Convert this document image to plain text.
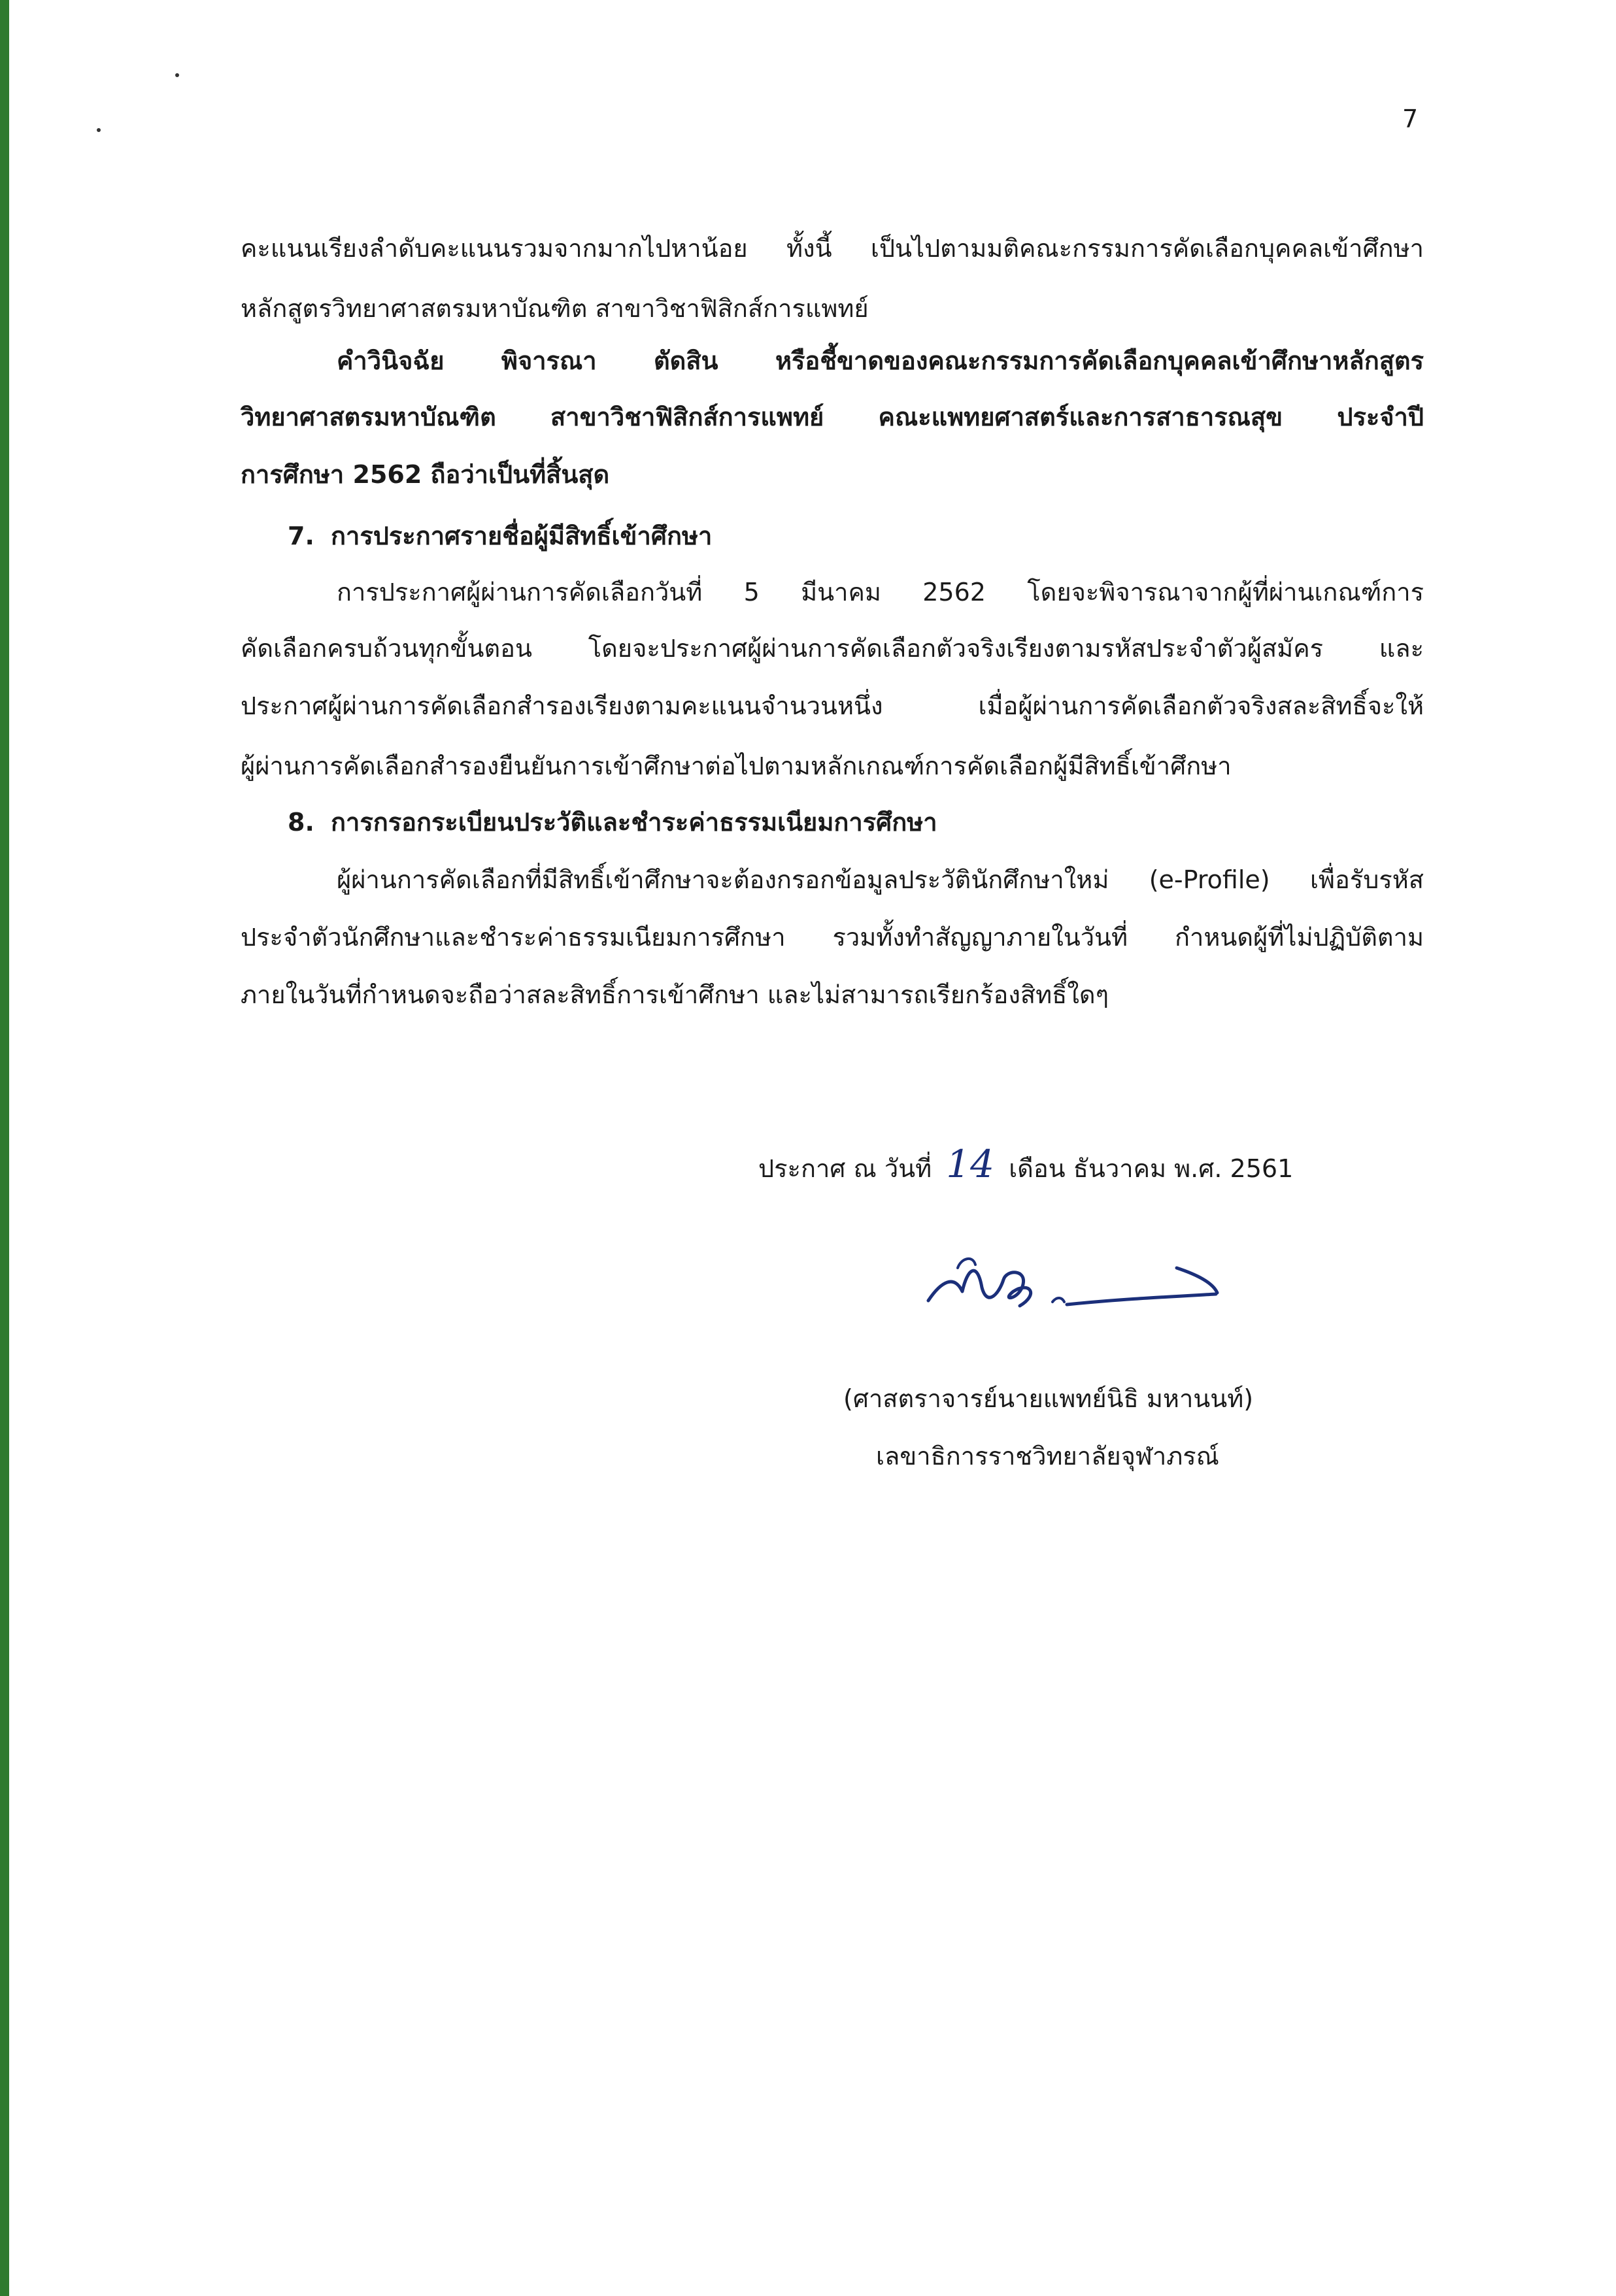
7
คะแนนเรียงลำดับคะแนนรวมจากมากไปหาน้อย ทั้งนี้ เป็นไปตามมติคณะกรรมการคัดเลือกบุคคลเข้าศึกษา
หลักสูตรวิทยาศาสตรมหาบัณฑิต สาขาวิชาฟิสิกส์การแพทย์
คำวินิจฉัย พิจารณา ตัดสิน หรือชี้ขาดของคณะกรรมการคัดเลือกบุคคลเข้าศึกษาหลักสูตร
วิทยาศาสตรมหาบัณฑิต สาขาวิชาฟิสิกส์การแพทย์ คณะแพทยศาสตร์และการสาธารณสุข ประจำปี
การศึกษา 2562 ถือว่าเป็นที่สิ้นสุด
7. การประกาศรายชื่อผู้มีสิทธิ์เข้าศึกษา
การประกาศผู้ผ่านการคัดเลือกวันที่ 5 มีนาคม 2562 โดยจะพิจารณาจากผู้ที่ผ่านเกณฑ์การ
คัดเลือกครบถ้วนทุกขั้นตอน โดยจะประกาศผู้ผ่านการคัดเลือกตัวจริงเรียงตามรหัสประจำตัวผู้สมัคร และ
ประกาศผู้ผ่านการคัดเลือกสำรองเรียงตามคะแนนจำนวนหนึ่ง เมื่อผู้ผ่านการคัดเลือกตัวจริงสละสิทธิ์จะให้
ผู้ผ่านการคัดเลือกสำรองยืนยันการเข้าศึกษาต่อไปตามหลักเกณฑ์การคัดเลือกผู้มีสิทธิ์เข้าศึกษา
8. การกรอกระเบียนประวัติและชำระค่าธรรมเนียมการศึกษา
ผู้ผ่านการคัดเลือกที่มีสิทธิ์เข้าศึกษาจะต้องกรอกข้อมูลประวัตินักศึกษาใหม่ (e-Profile) เพื่อรับรหัส
ประจำตัวนักศึกษาและชำระค่าธรรมเนียมการศึกษา รวมทั้งทำสัญญาภายในวันที่ กำหนดผู้ที่ไม่ปฏิบัติตาม
ภายในวันที่กำหนดจะถือว่าสละสิทธิ์การเข้าศึกษา และไม่สามารถเรียกร้องสิทธิ์ใดๆ
ประกาศ ณ วันที่ 14 เดือน ธันวาคม พ.ศ. 2561
(ศาสตราจารย์นายแพทย์นิธิ มหานนท์)
เลขาธิการราชวิทยาลัยจุฬาภรณ์
